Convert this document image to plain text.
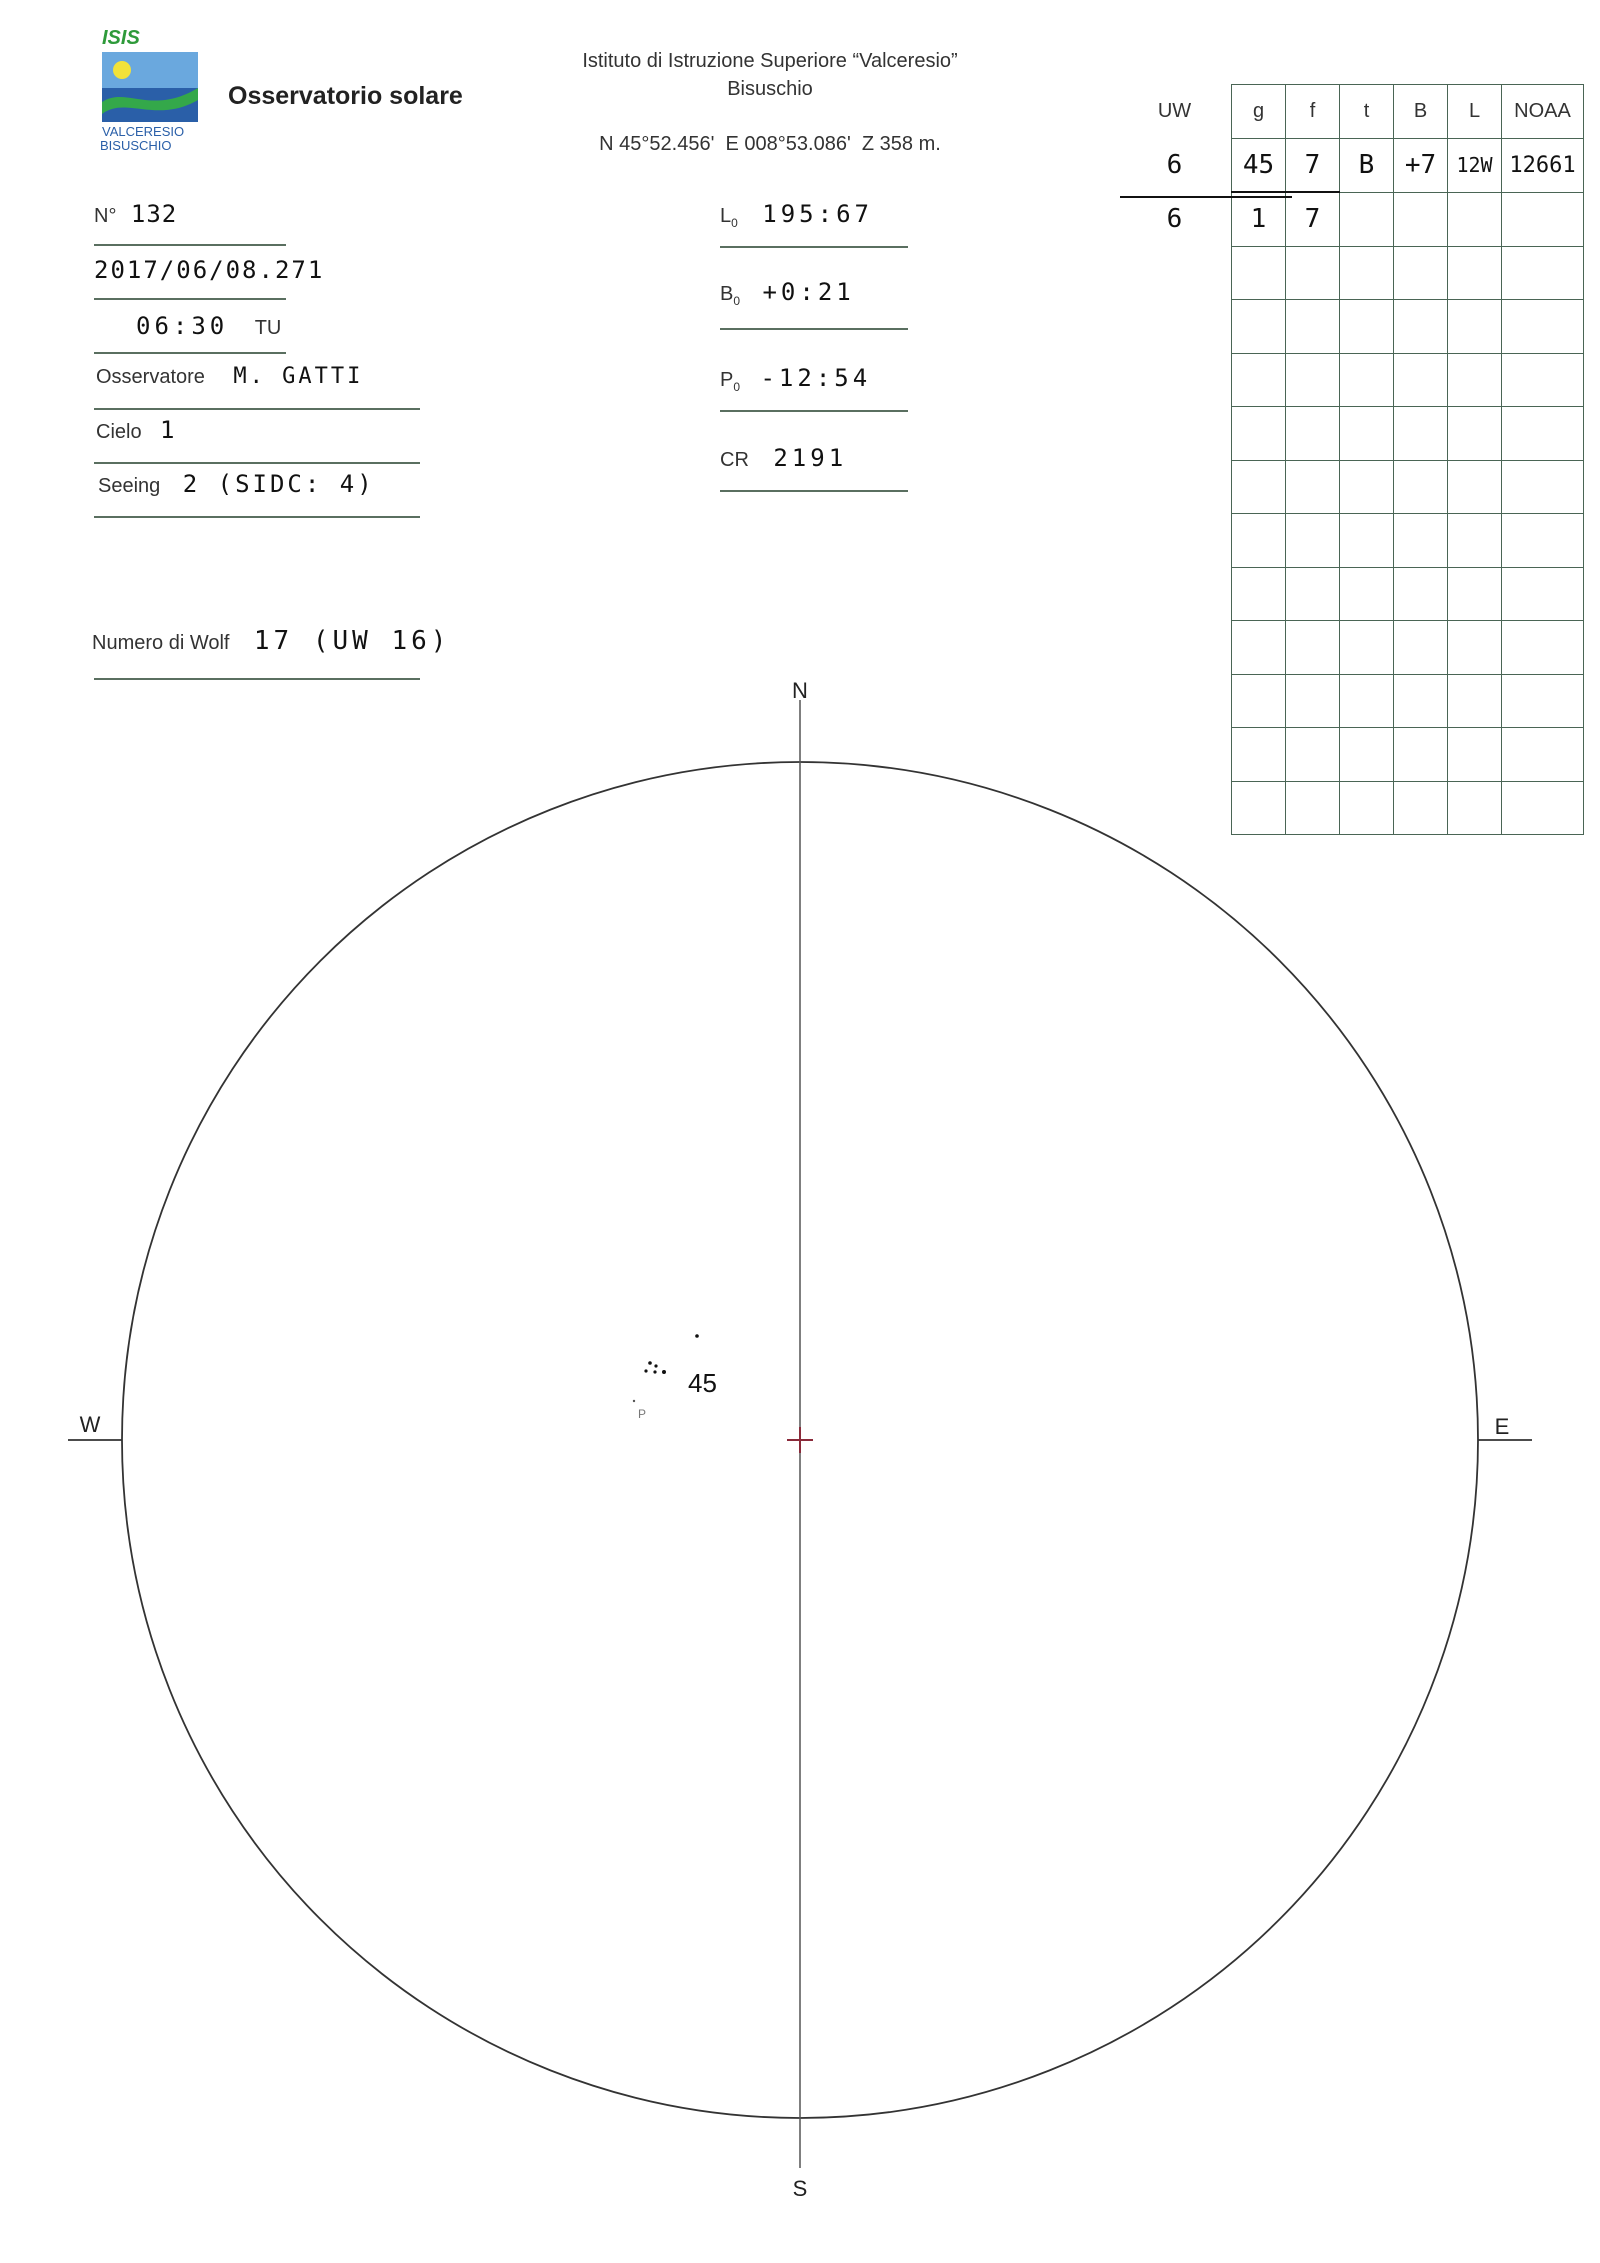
ISIS
VALCERESIO
BISUSCHIO
Osservatorio solare
Istituto di Istruzione Superiore “Valceresio”
Bisuschio
N 45°52.456'  E 008°53.086'  Z 358 m.
N° 132
2017/06/08.271
06:30 TU
Osservatore M. GATTI
Cielo 1
Seeing 2 (SIDC: 4)
Numero di Wolf 17 (UW 16)
$L_0$ 195:67
$B_0$ +0:21
$P_0$ -12:54
CR 2191
UW	g	f	t	B	L	NOAA
6	45	7	B	+7	12W	12661
6	1	7				

N
S
W	E
45
P
